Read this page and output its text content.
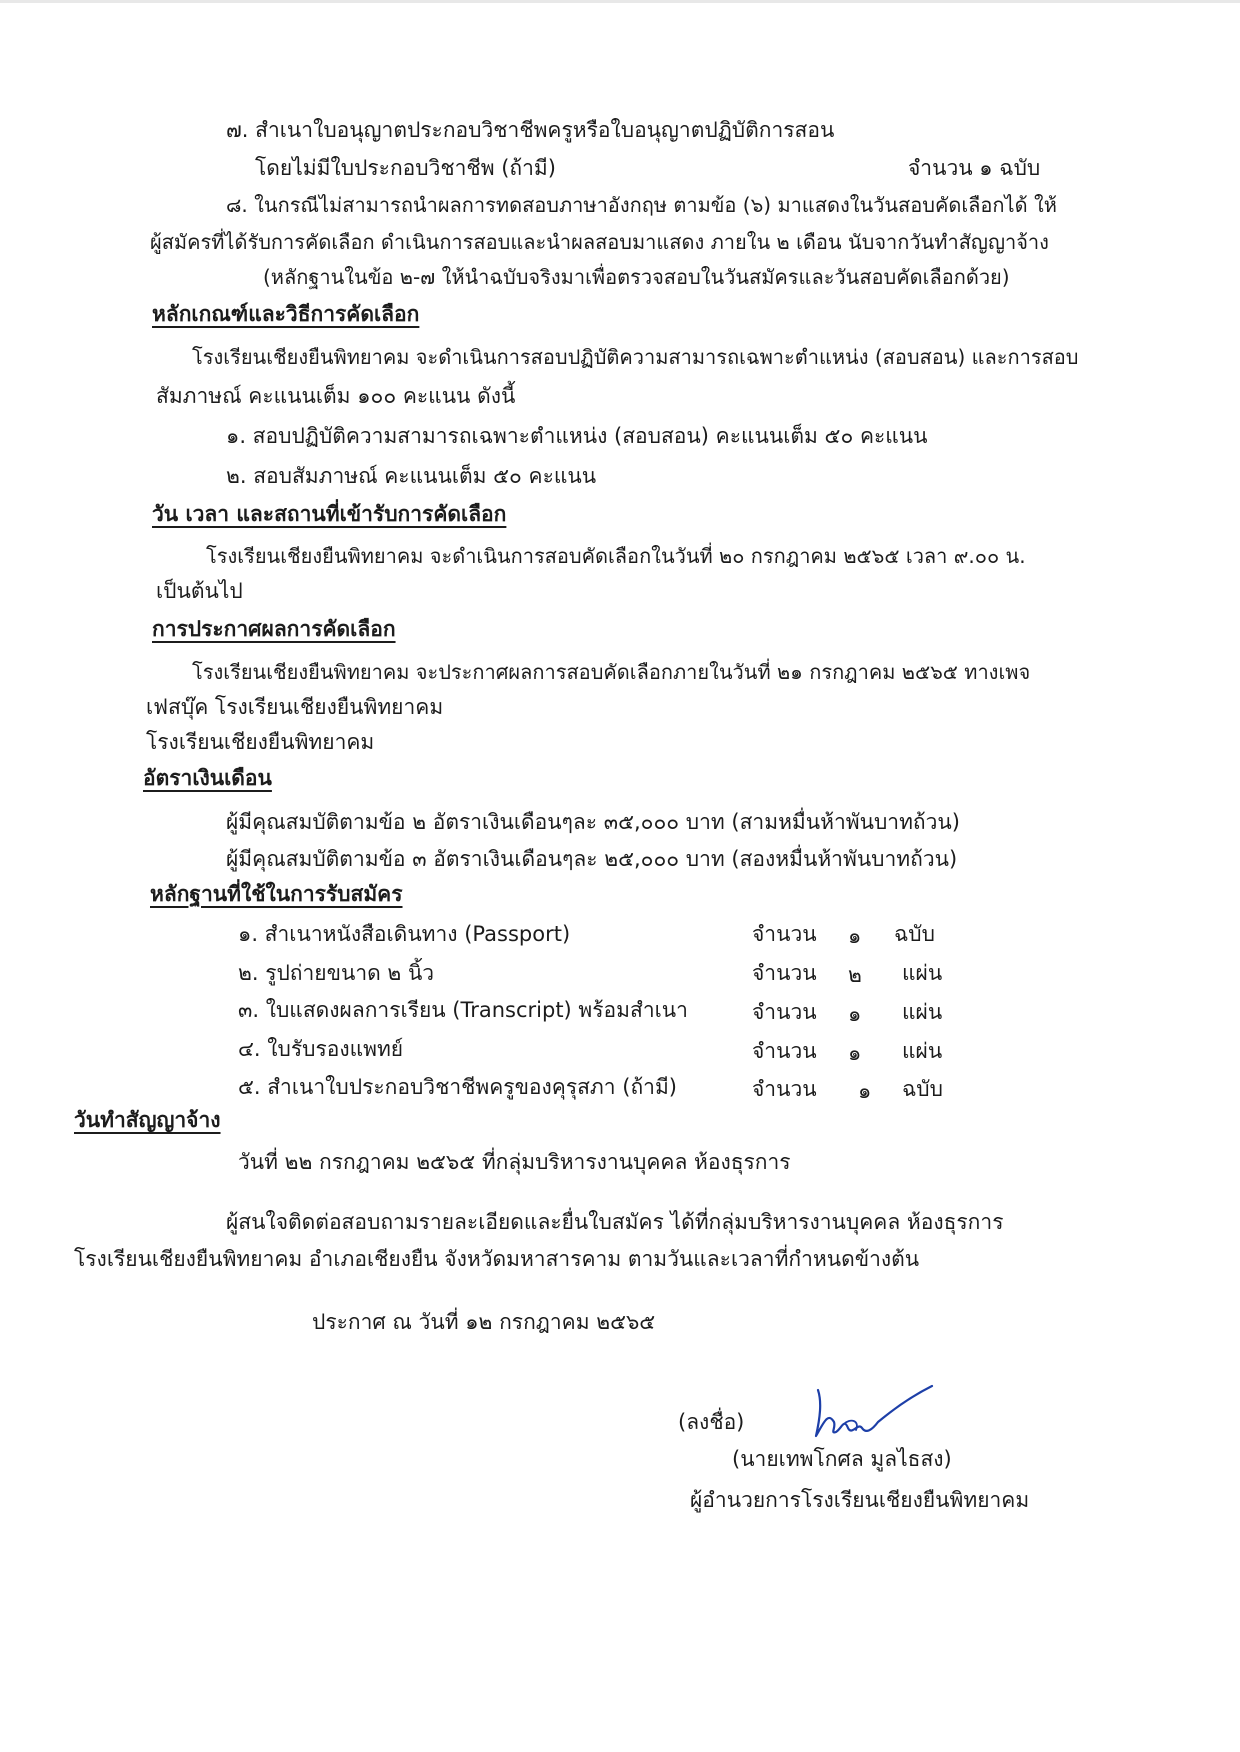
๗. สำเนาใบอนุญาตประกอบวิชาชีพครูหรือใบอนุญาตปฏิบัติการสอน
โดยไม่มีใบประกอบวิชาชีพ (ถ้ามี)	จำนวน ๑ ฉบับ
๘. ในกรณีไม่สามารถนำผลการทดสอบภาษาอังกฤษ ตามข้อ (๖) มาแสดงในวันสอบคัดเลือกได้ ให้
ผู้สมัครที่ได้รับการคัดเลือก ดำเนินการสอบและนำผลสอบมาแสดง ภายใน ๒ เดือน นับจากวันทำสัญญาจ้าง
(หลักฐานในข้อ ๒-๗ ให้นำฉบับจริงมาเพื่อตรวจสอบในวันสมัครและวันสอบคัดเลือกด้วย)
หลักเกณฑ์และวิธีการคัดเลือก
โรงเรียนเชียงยืนพิทยาคม จะดำเนินการสอบปฏิบัติความสามารถเฉพาะตำแหน่ง (สอบสอน) และการสอบ
สัมภาษณ์ คะแนนเต็ม ๑๐๐ คะแนน ดังนี้
๑. สอบปฏิบัติความสามารถเฉพาะตำแหน่ง (สอบสอน) คะแนนเต็ม ๕๐ คะแนน
๒. สอบสัมภาษณ์ คะแนนเต็ม ๕๐ คะแนน
วัน เวลา และสถานที่เข้ารับการคัดเลือก
โรงเรียนเชียงยืนพิทยาคม จะดำเนินการสอบคัดเลือกในวันที่ ๒๐ กรกฎาคม ๒๕๖๕ เวลา ๙.๐๐ น.
เป็นต้นไป
การประกาศผลการคัดเลือก
โรงเรียนเชียงยืนพิทยาคม จะประกาศผลการสอบคัดเลือกภายในวันที่ ๒๑ กรกฎาคม ๒๕๖๕ ทางเพจ
เฟสบุ๊ค โรงเรียนเชียงยืนพิทยาคม
โรงเรียนเชียงยืนพิทยาคม
อัตราเงินเดือน
ผู้มีคุณสมบัติตามข้อ ๒ อัตราเงินเดือนๆละ ๓๕,๐๐๐ บาท (สามหมื่นห้าพันบาทถ้วน)
ผู้มีคุณสมบัติตามข้อ ๓ อัตราเงินเดือนๆละ ๒๕,๐๐๐ บาท (สองหมื่นห้าพันบาทถ้วน)
หลักฐานที่ใช้ในการรับสมัคร
๑. สำเนาหนังสือเดินทาง (Passport)	จำนวน ๑ ฉบับ
๒. รูปถ่ายขนาด ๒ นิ้ว	จำนวน ๒ แผ่น
๓. ใบแสดงผลการเรียน (Transcript) พร้อมสำเนา	จำนวน ๑ แผ่น
๔. ใบรับรองแพทย์	จำนวน ๑ แผ่น
๕. สำเนาใบประกอบวิชาชีพครูของคุรุสภา (ถ้ามี)	จำนวน ๑ ฉบับ
วันทำสัญญาจ้าง
วันที่ ๒๒ กรกฎาคม ๒๕๖๕ ที่กลุ่มบริหารงานบุคคล ห้องธุรการ
ผู้สนใจติดต่อสอบถามรายละเอียดและยื่นใบสมัคร ได้ที่กลุ่มบริหารงานบุคคล ห้องธุรการ
โรงเรียนเชียงยืนพิทยาคม อำเภอเชียงยืน จังหวัดมหาสารคาม ตามวันและเวลาที่กำหนดข้างต้น
ประกาศ ณ วันที่ ๑๒ กรกฎาคม ๒๕๖๕
(ลงชื่อ)
(นายเทพโกศล มูลไธสง)
ผู้อำนวยการโรงเรียนเชียงยืนพิทยาคม
